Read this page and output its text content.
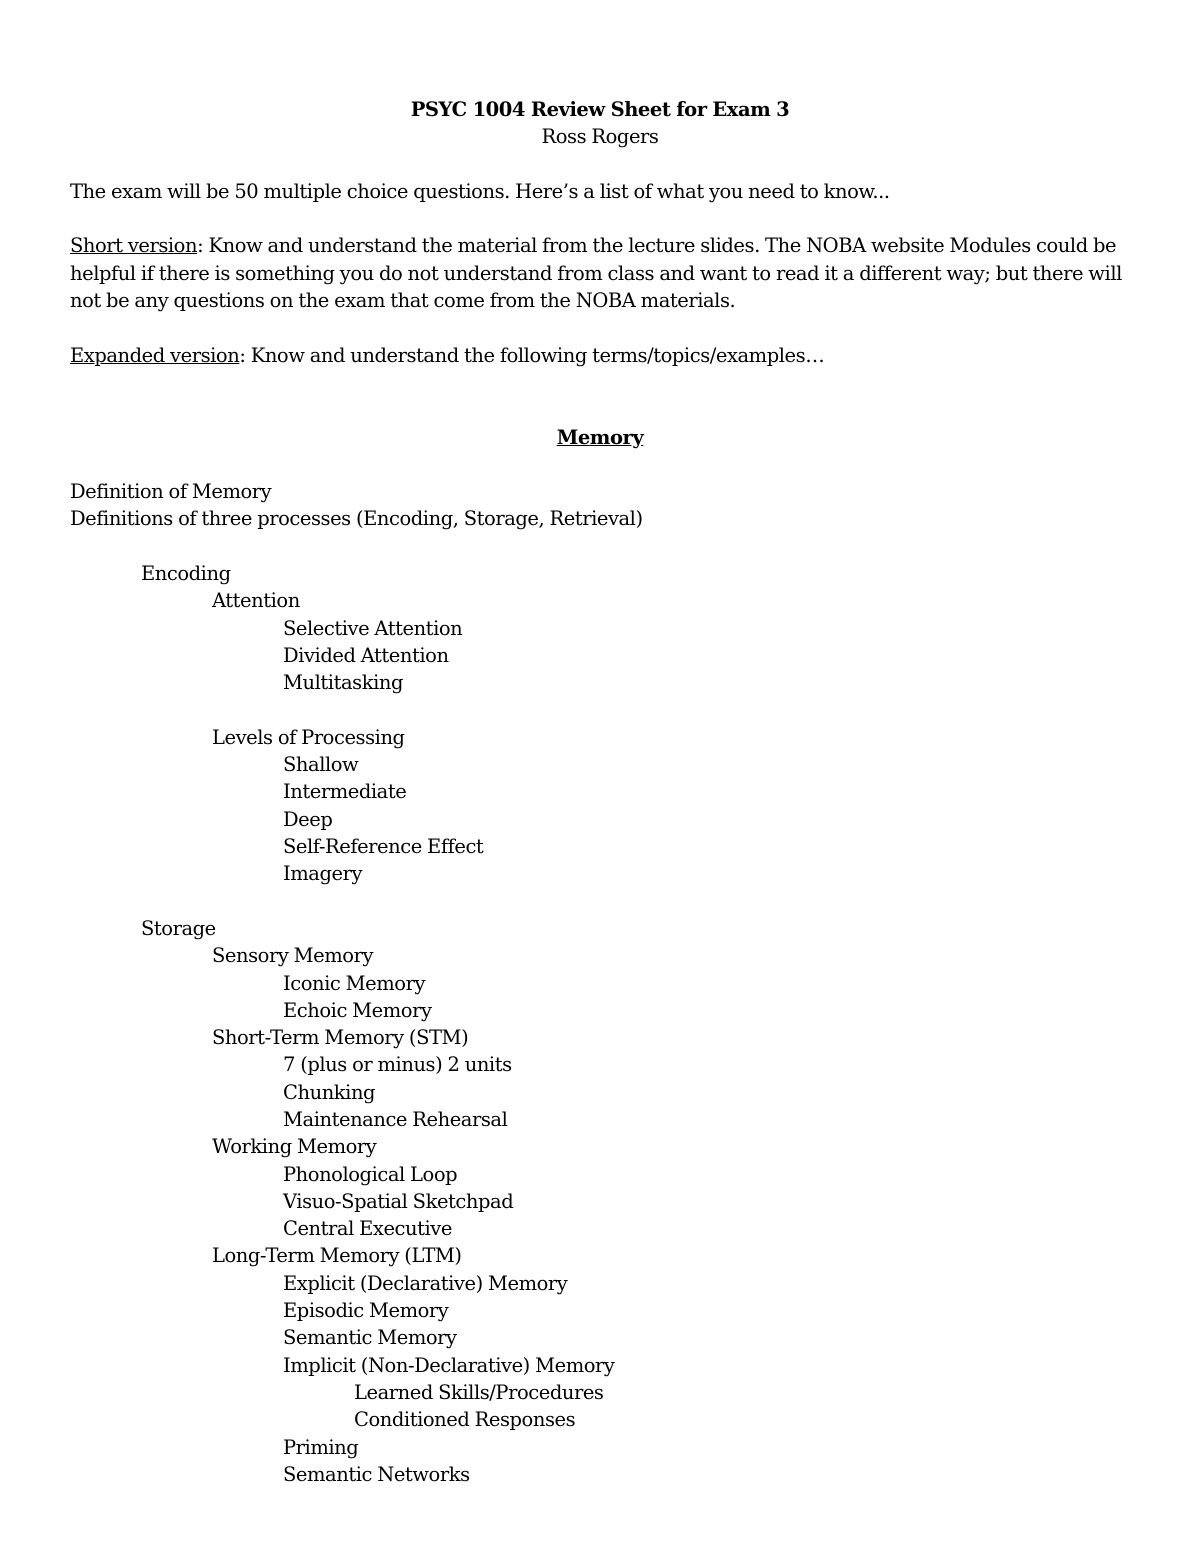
PSYC 1004 Review Sheet for Exam 3
Ross Rogers
The exam will be 50 multiple choice questions. Here’s a list of what you need to know...
Short version: Know and understand the material from the lecture slides. The NOBA website Modules could be
helpful if there is something you do not understand from class and want to read it a different way; but there will
not be any questions on the exam that come from the NOBA materials.
Expanded version: Know and understand the following terms/topics/examples…
Memory
Definition of Memory
Definitions of three processes (Encoding, Storage, Retrieval)
Encoding
Attention
Selective Attention
Divided Attention
Multitasking
Levels of Processing
Shallow
Intermediate
Deep
Self-Reference Effect
Imagery
Storage
Sensory Memory
Iconic Memory
Echoic Memory
Short-Term Memory (STM)
7 (plus or minus) 2 units
Chunking
Maintenance Rehearsal
Working Memory
Phonological Loop
Visuo-Spatial Sketchpad
Central Executive
Long-Term Memory (LTM)
Explicit (Declarative) Memory
Episodic Memory
Semantic Memory
Implicit (Non-Declarative) Memory
Learned Skills/Procedures
Conditioned Responses
Priming
Semantic Networks
